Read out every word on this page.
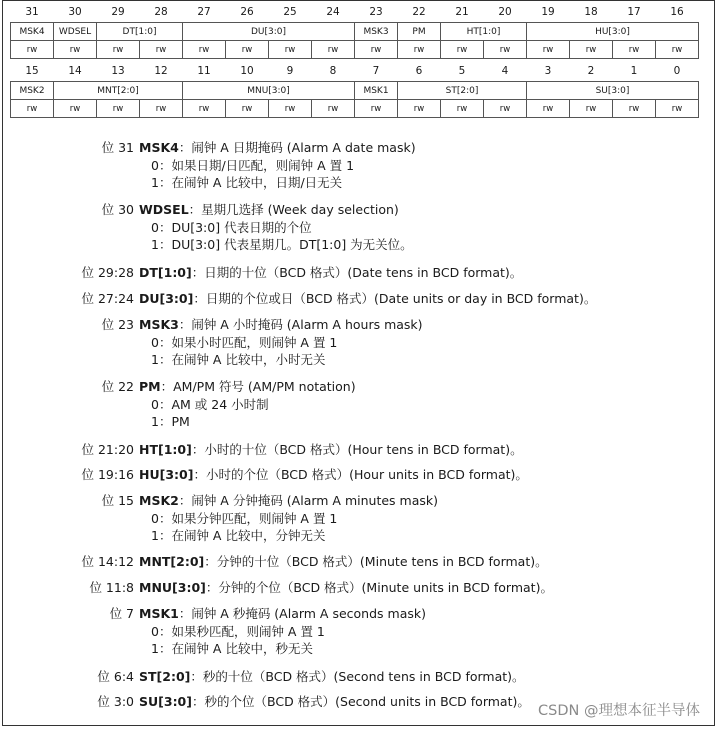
31	30	29	28	27	26	25	24	23	22	21	20	19	18	17	16
MSK4	WDSEL	DT[1:0]		DU[3:0]				MSK3	PM	HT[1:0]		HU[3:0]			
rw	rw	rw	rw	rw	rw	rw	rw	rw	rw	rw	rw	rw	rw	rw	rw
15	14	13	12	11	10	9	8	7	6	5	4	3	2	1	0
MSK2	MNT[2:0]			MNU[3:0]				MSK1	ST[2:0]			SU[3:0]			
rw	rw	rw	rw	rw	rw	rw	rw	rw	rw	rw	rw	rw	rw	rw	rw
位 31 MSK4：闹钟 A 日期掩码 (Alarm A date mask)
0：如果日期/日匹配，则闹钟 A 置 1
1：在闹钟 A 比较中，日期/日无关
位 30 WDSEL：星期几选择 (Week day selection)
0：DU[3:0] 代表日期的个位
1：DU[3:0] 代表星期几。DT[1:0] 为无关位。
位 29:28 DT[1:0]：日期的十位（BCD 格式）(Date tens in BCD format)。
位 27:24 DU[3:0]：日期的个位或日（BCD 格式）(Date units or day in BCD format)。
位 23 MSK3：闹钟 A 小时掩码 (Alarm A hours mask)
0：如果小时匹配，则闹钟 A 置 1
1：在闹钟 A 比较中，小时无关
位 22 PM：AM/PM 符号 (AM/PM notation)
0：AM 或 24 小时制
1：PM
位 21:20 HT[1:0]：小时的十位（BCD 格式）(Hour tens in BCD format)。
位 19:16 HU[3:0]：小时的个位（BCD 格式）(Hour units in BCD format)。
位 15 MSK2：闹钟 A 分钟掩码 (Alarm A minutes mask)
0：如果分钟匹配，则闹钟 A 置 1
1：在闹钟 A 比较中，分钟无关
位 14:12 MNT[2:0]：分钟的十位（BCD 格式）(Minute tens in BCD format)。
位 11:8 MNU[3:0]：分钟的个位（BCD 格式）(Minute units in BCD format)。
位 7 MSK1：闹钟 A 秒掩码 (Alarm A seconds mask)
0：如果秒匹配，则闹钟 A 置 1
1：在闹钟 A 比较中，秒无关
位 6:4 ST[2:0]：秒的十位（BCD 格式）(Second tens in BCD format)。
位 3:0 SU[3:0]：秒的个位（BCD 格式）(Second units in BCD format)。
CSDN @理想本征半导体
